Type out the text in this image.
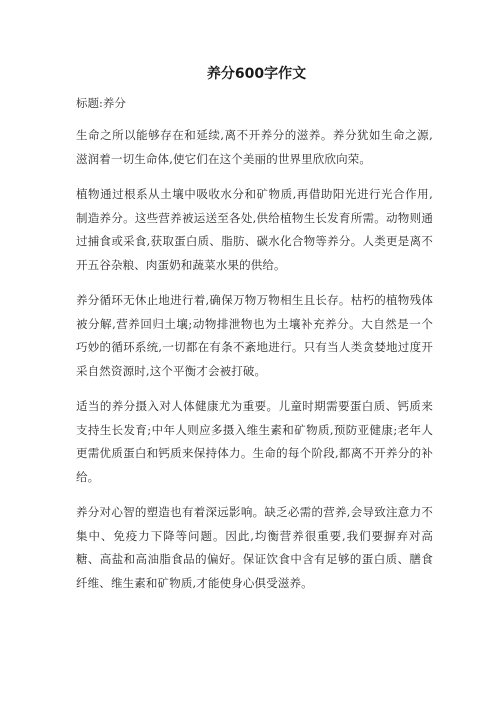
养分600字作文
标题:养分

生命之所以能够存在和延续,离不开养分的滋养。养分犹如生命之源,滋润着一切生命体,使它们在这个美丽的世界里欣欣向荣。

植物通过根系从土壤中吸收水分和矿物质,再借助阳光进行光合作用,制造养分。这些营养被运送至各处,供给植物生长发育所需。动物则通过捕食或采食,获取蛋白质、脂肪、碳水化合物等养分。人类更是离不开五谷杂粮、肉蛋奶和蔬菜水果的供给。

养分循环无休止地进行着,确保万物万物相生且长存。枯朽的植物残体被分解,营养回归土壤;动物排泄物也为土壤补充养分。大自然是一个巧妙的循环系统,一切都在有条不紊地进行。只有当人类贪婪地过度开采自然资源时,这个平衡才会被打破。

适当的养分摄入对人体健康尤为重要。儿童时期需要蛋白质、钙质来支持生长发育;中年人则应多摄入维生素和矿物质,预防亚健康;老年人更需优质蛋白和钙质来保持体力。生命的每个阶段,都离不开养分的补给。

养分对心智的塑造也有着深远影响。缺乏必需的营养,会导致注意力不集中、免疫力下降等问题。因此,均衡营养很重要,我们要摒弃对高糖、高盐和高油脂食品的偏好。保证饮食中含有足够的蛋白质、膳食纤维、维生素和矿物质,才能使身心俱受滋养。
